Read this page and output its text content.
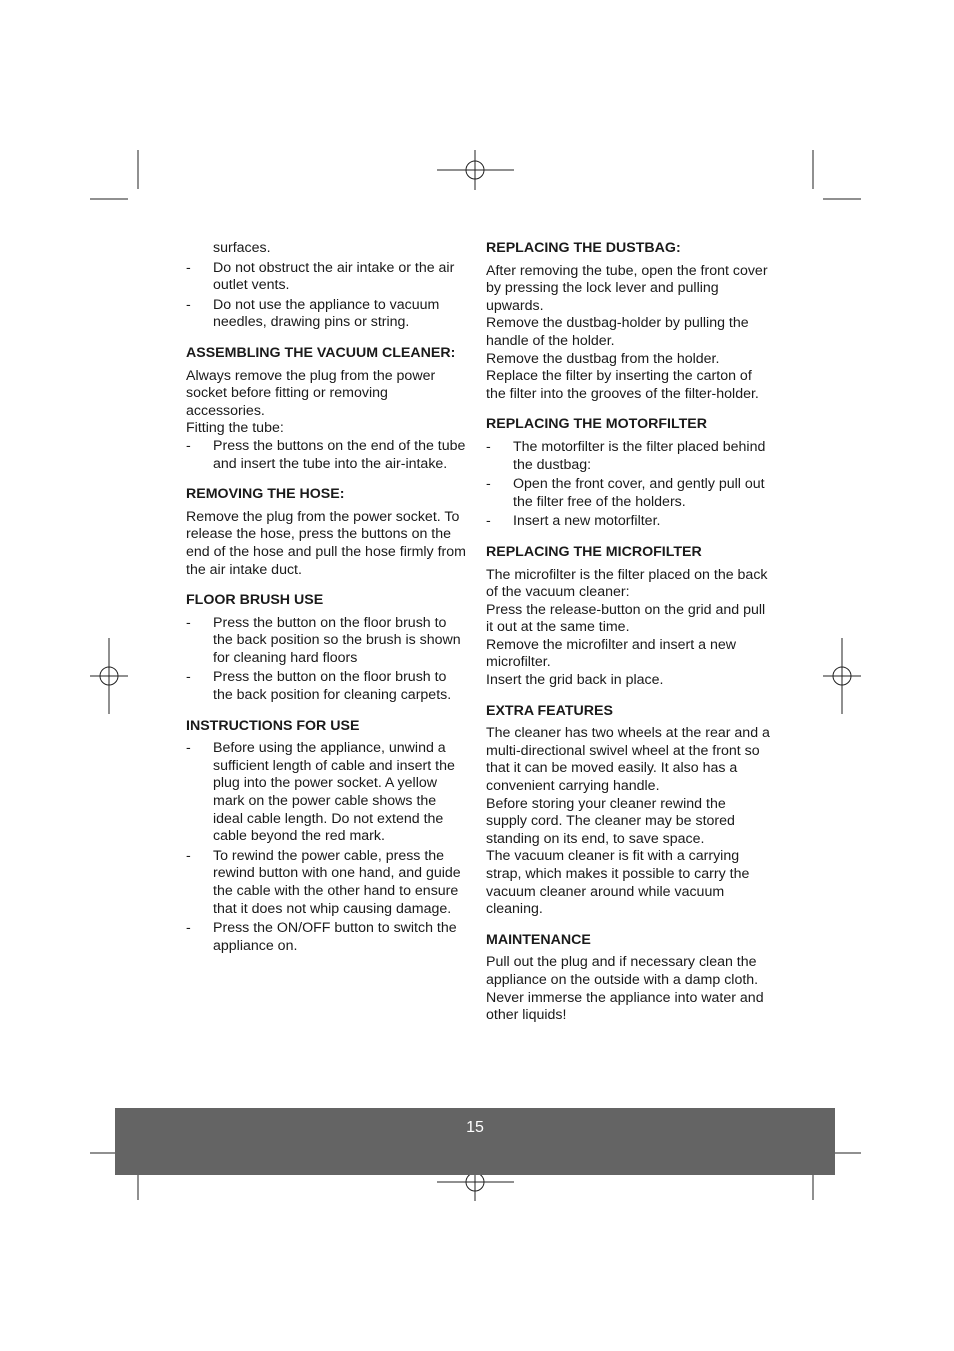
surfaces.

- Do not obstruct the air intake or the air outlet vents.
- Do not use the appliance to vacuum needles, drawing pins or string.
ASSEMBLING THE VACUUM CLEANER:

Always remove the plug from the power socket before fitting or removing accessories.

Fitting the tube:

- Press the buttons on the end of the tube and insert the tube into the air-intake.
REMOVING THE HOSE:

Remove the plug from the power socket. To release the hose, press the buttons on the end of the hose and pull the hose firmly from the air intake duct.

FLOOR BRUSH USE
- Press the button on the floor brush to the back position so the brush is shown for cleaning hard floors
- Press the button on the floor brush to the back position for cleaning carpets.
INSTRUCTIONS FOR USE
- Before using the appliance, unwind a sufficient length of cable and insert the plug into the power socket. A yellow mark on the power cable shows the ideal cable length. Do not extend the cable beyond the red mark.
- To rewind the power cable, press the rewind button with one hand, and guide the cable with the other hand to ensure that it does not whip causing damage.
- Press the ON/OFF button to switch the appliance on.
REPLACING THE DUSTBAG:

After removing the tube, open the front cover by pressing the lock lever and pulling upwards.

Remove the dustbag-holder by pulling the handle of the holder.

Remove the dustbag from the holder.

Replace the filter by inserting the carton of the filter into the grooves of the filter-holder.

REPLACING THE MOTORFILTER
- The motorfilter is the filter placed behind the dustbag:
- Open the front cover, and gently pull out the filter free of the holders.
- Insert a new motorfilter.
REPLACING THE MICROFILTER

The microfilter is the filter placed on the back of the vacuum cleaner:

Press the release-button on the grid and pull it out at the same time.

Remove the microfilter and insert a new microfilter.

Insert the grid back in place.

EXTRA FEATURES

The cleaner has two wheels at the rear and a multi-directional swivel wheel at the front so that it can be moved easily. It also has a convenient carrying handle.

Before storing your cleaner rewind the supply cord. The cleaner may be stored standing on its end, to save space.

The vacuum cleaner is fit with a carrying strap, which makes it possible to carry the vacuum cleaner around while vacuum cleaning.

MAINTENANCE

Pull out the plug and if necessary clean the appliance on the outside with a damp cloth.

Never immerse the appliance into water and other liquids!

15
